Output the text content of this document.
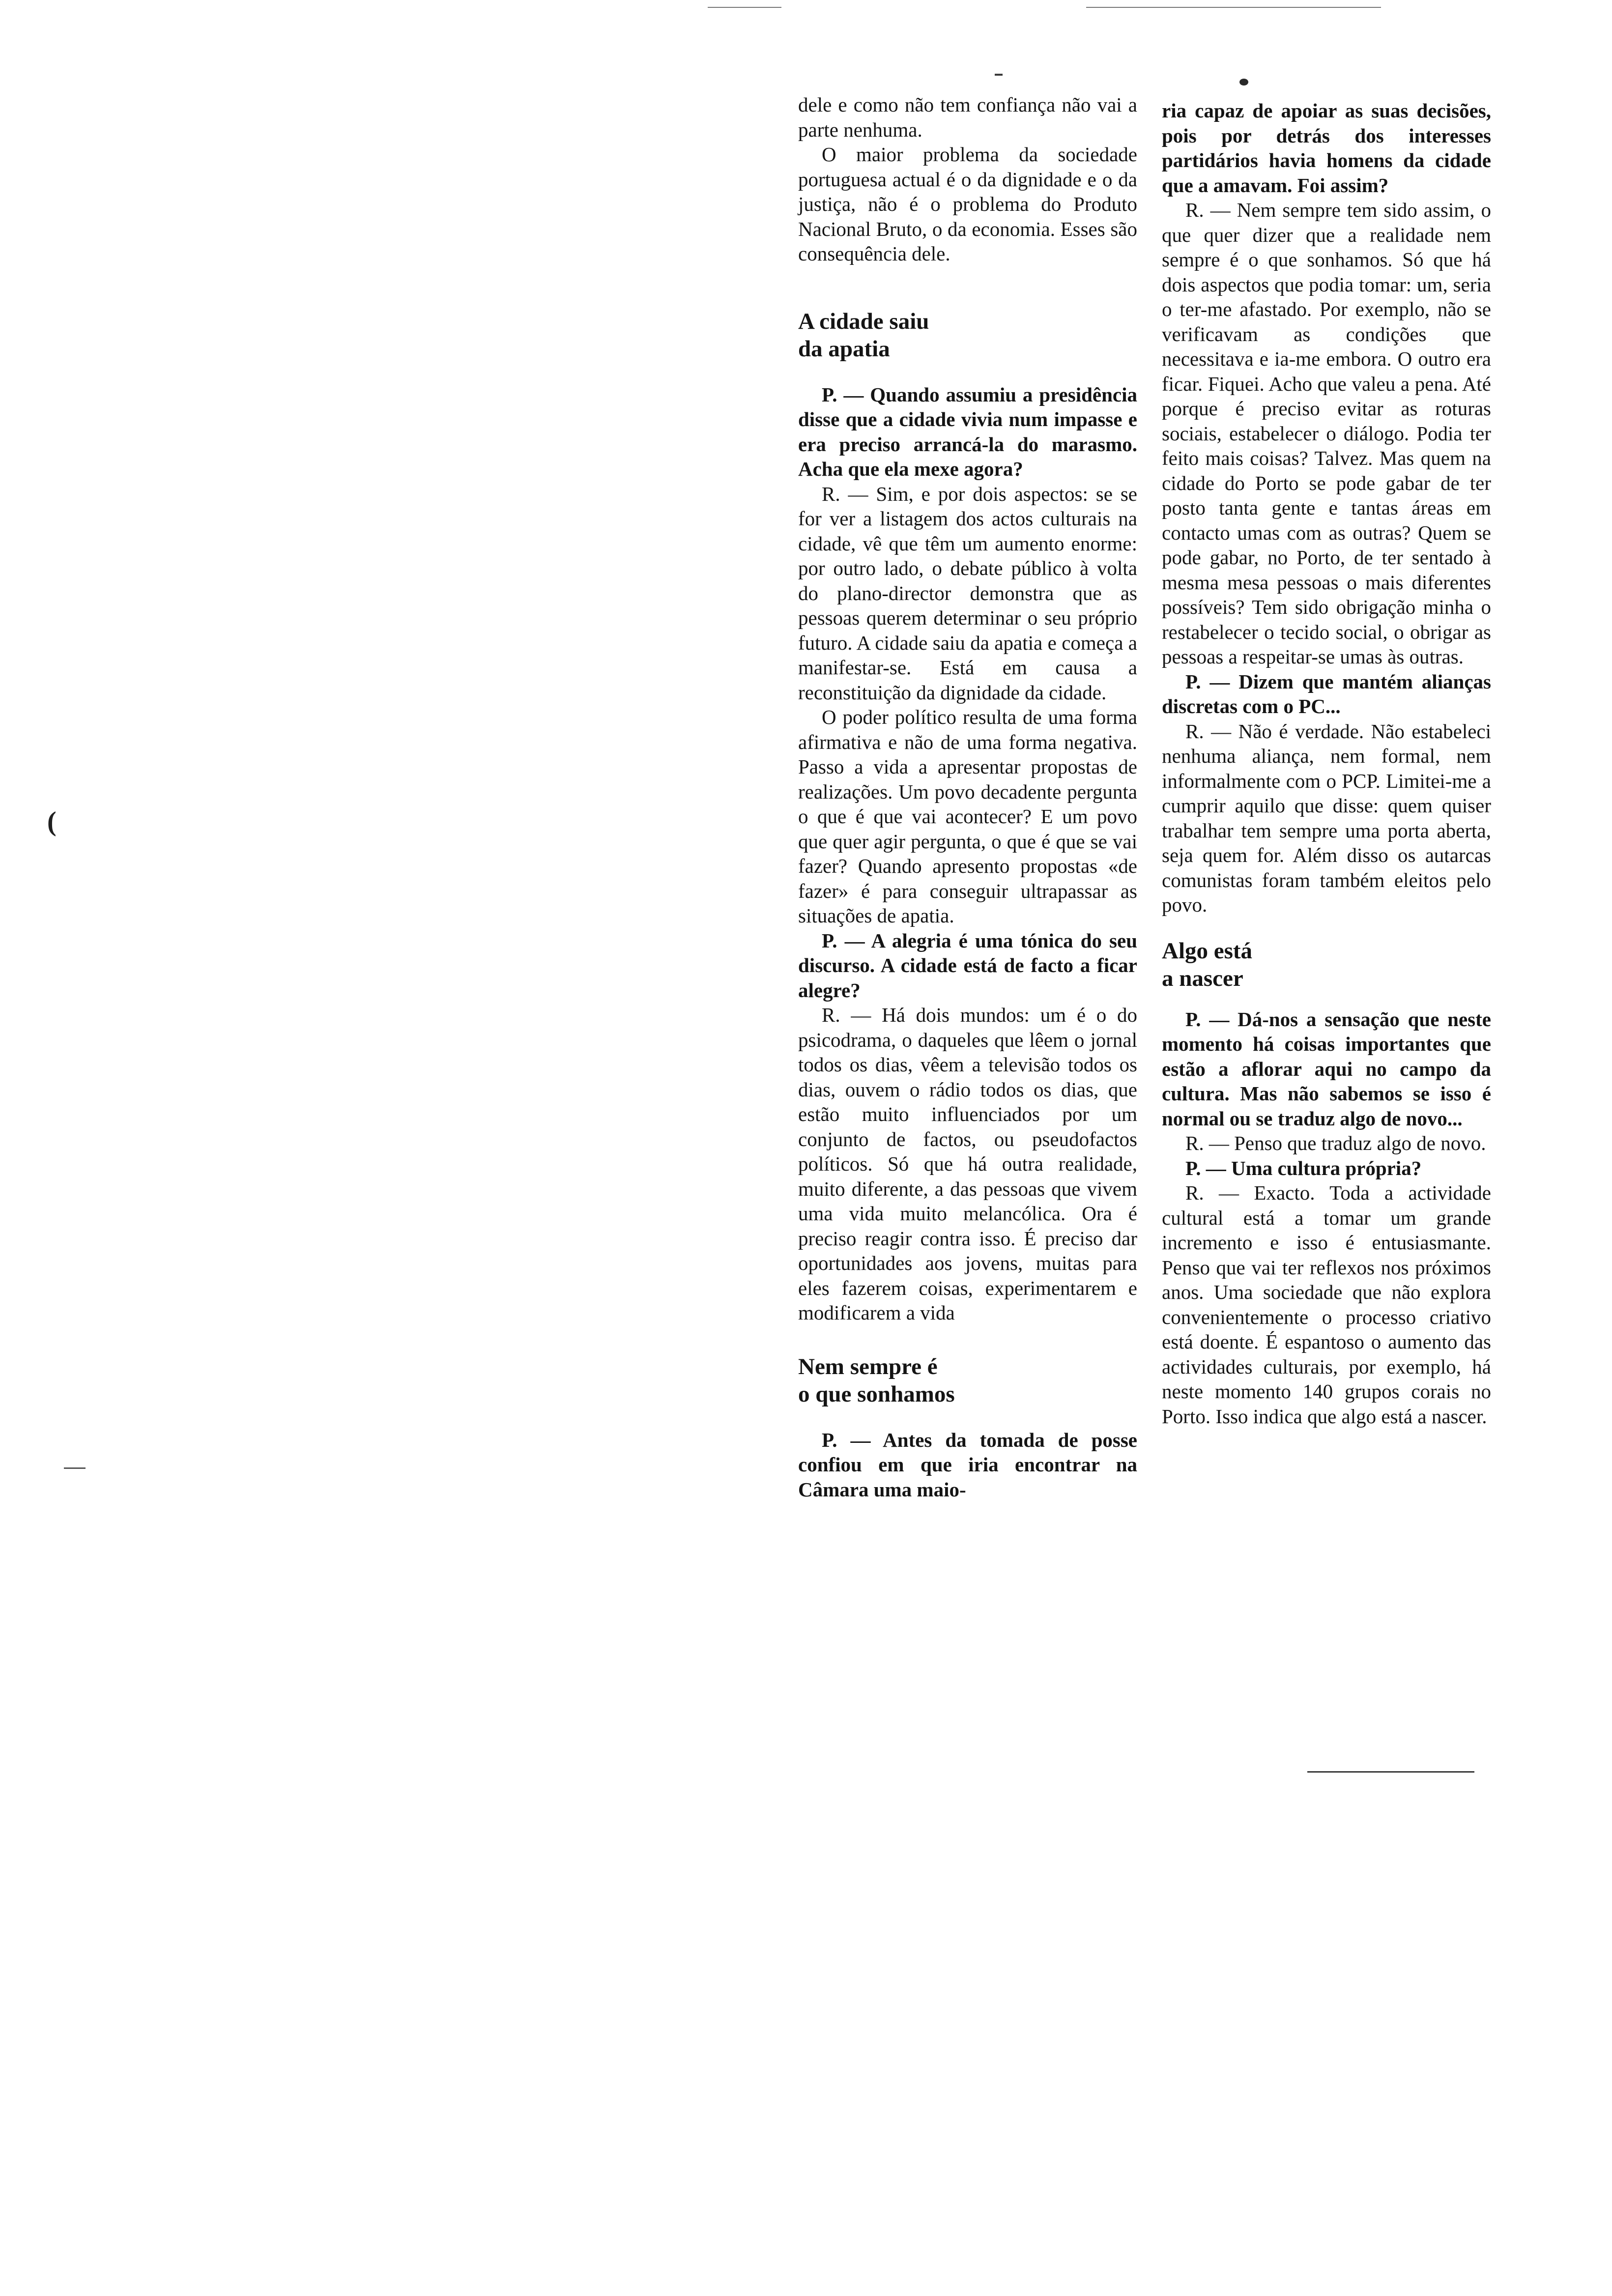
(

dele e como não tem confiança não vai a parte nenhuma.

O maior problema da sociedade portuguesa actual é o da dignidade e o da justiça, não é o problema do Produto Nacional Bruto, o da economia. Esses são consequência dele.

A cidade saiu
da apatia

P. — Quando assumiu a presidência disse que a cidade vivia num impasse e era preciso arrancá-la do marasmo. Acha que ela mexe agora?

R. — Sim, e por dois aspectos: se se for ver a listagem dos actos culturais na cidade, vê que têm um aumento enorme: por outro lado, o debate público à volta do plano-director demonstra que as pessoas querem determinar o seu próprio futuro. A cidade saiu da apatia e começa a manifestar-se. Está em causa a reconstituição da dignidade da cidade.

O poder político resulta de uma forma afirmativa e não de uma forma negativa. Passo a vida a apresentar propostas de realizações. Um povo decadente pergunta o que é que vai acontecer? E um povo que quer agir pergunta, o que é que se vai fazer? Quando apresento propostas «de fazer» é para conseguir ultrapassar as situações de apatia.

P. — A alegria é uma tónica do seu discurso. A cidade está de facto a ficar alegre?

R. — Há dois mundos: um é o do psicodrama, o daqueles que lêem o jornal todos os dias, vêem a televisão todos os dias, ouvem o rádio todos os dias, que estão muito influenciados por um conjunto de factos, ou pseudofactos políticos. Só que há outra realidade, muito diferente, a das pessoas que vivem uma vida muito melancólica. Ora é preciso reagir contra isso. É preciso dar oportunidades aos jovens, muitas para eles fazerem coisas, experimentarem e modificarem a vida

Nem sempre é
o que sonhamos

P. — Antes da tomada de posse confiou em que iria encontrar na Câmara uma maio-

ria capaz de apoiar as suas decisões, pois por detrás dos interesses partidários havia homens da cidade que a amavam. Foi assim?

R. — Nem sempre tem sido assim, o que quer dizer que a realidade nem sempre é o que sonhamos. Só que há dois aspectos que podia tomar: um, seria o ter-me afastado. Por exemplo, não se verificavam as condições que necessitava e ia-me embora. O outro era ficar. Fiquei. Acho que valeu a pena. Até porque é preciso evitar as roturas sociais, estabelecer o diálogo. Podia ter feito mais coisas? Talvez. Mas quem na cidade do Porto se pode gabar de ter posto tanta gente e tantas áreas em contacto umas com as outras? Quem se pode gabar, no Porto, de ter sentado à mesma mesa pessoas o mais diferentes possíveis? Tem sido obrigação minha o restabelecer o tecido social, o obrigar as pessoas a respeitar-se umas às outras.

P. — Dizem que mantém alianças discretas com o PC...

R. — Não é verdade. Não estabeleci nenhuma aliança, nem formal, nem informalmente com o PCP. Limitei-me a cumprir aquilo que disse: quem quiser trabalhar tem sempre uma porta aberta, seja quem for. Além disso os autarcas comunistas foram também eleitos pelo povo.

Algo está
a nascer

P. — Dá-nos a sensação que neste momento há coisas importantes que estão a aflorar aqui no campo da cultura. Mas não sabemos se isso é normal ou se traduz algo de novo...

R. — Penso que traduz algo de novo.

P. — Uma cultura própria?

R. — Exacto. Toda a actividade cultural está a tomar um grande incremento e isso é entusiasmante. Penso que vai ter reflexos nos próximos anos. Uma sociedade que não explora convenientemente o processo criativo está doente. É espantoso o aumento das actividades culturais, por exemplo, há neste momento 140 grupos corais no Porto. Isso indica que algo está a nascer.
